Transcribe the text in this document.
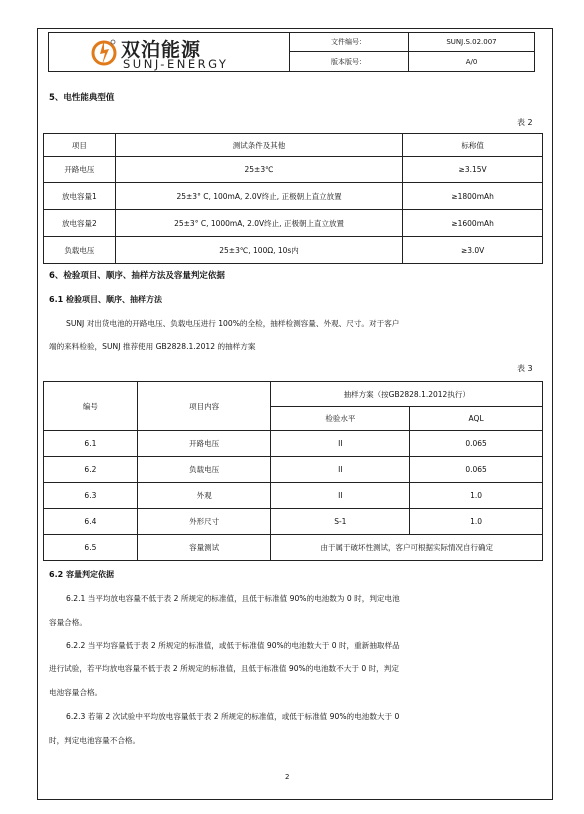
双泊能源
SUNJ-ENERGY
文件编号：	SUNJ.S.02.007
版本版号：	A/0
5、电性能典型值
表 2
项目	测试条件及其他	标称值
开路电压	25±3℃	≥3.15V
放电容量1	25±3° C, 100mA, 2.0V终止, 正极朝上直立放置	≥1800mAh
放电容量2	25±3° C, 1000mA, 2.0V终止, 正极朝上直立放置	≥1600mAh
负载电压	25±3℃, 100Ω, 10s内	≥3.0V
6、检验项目、顺序、抽样方法及容量判定依据
6.1 检验项目、顺序、抽样方法
SUNJ 对出货电池的开路电压、负载电压进行 100%的全检，抽样检测容量、外观、尺寸。对于客户
端的来料检验，SUNJ 推荐使用 GB2828.1.2012 的抽样方案
表 3
编号	项目内容	抽样方案（按GB2828.1.2012执行）	
		检验水平	AQL
6.1	开路电压	II	0.065
6.2	负载电压	II	0.065
6.3	外观	II	1.0
6.4	外形尺寸	S-1	1.0
6.5	容量测试	由于属于破坏性测试，客户可根据实际情况自行确定	
6.2 容量判定依据
6.2.1 当平均放电容量不低于表 2 所规定的标准值，且低于标准值 90%的电池数为 0 时，判定电池
容量合格。
6.2.2 当平均容量低于表 2 所规定的标准值，或低于标准值 90%的电池数大于 0 时，重新抽取样品
进行试验，若平均放电容量不低于表 2 所规定的标准值，且低于标准值 90%的电池数不大于 0 时，判定
电池容量合格。
6.2.3 若第 2 次试验中平均放电容量低于表 2 所规定的标准值，或低于标准值 90%的电池数大于 0
时，判定电池容量不合格。
2
